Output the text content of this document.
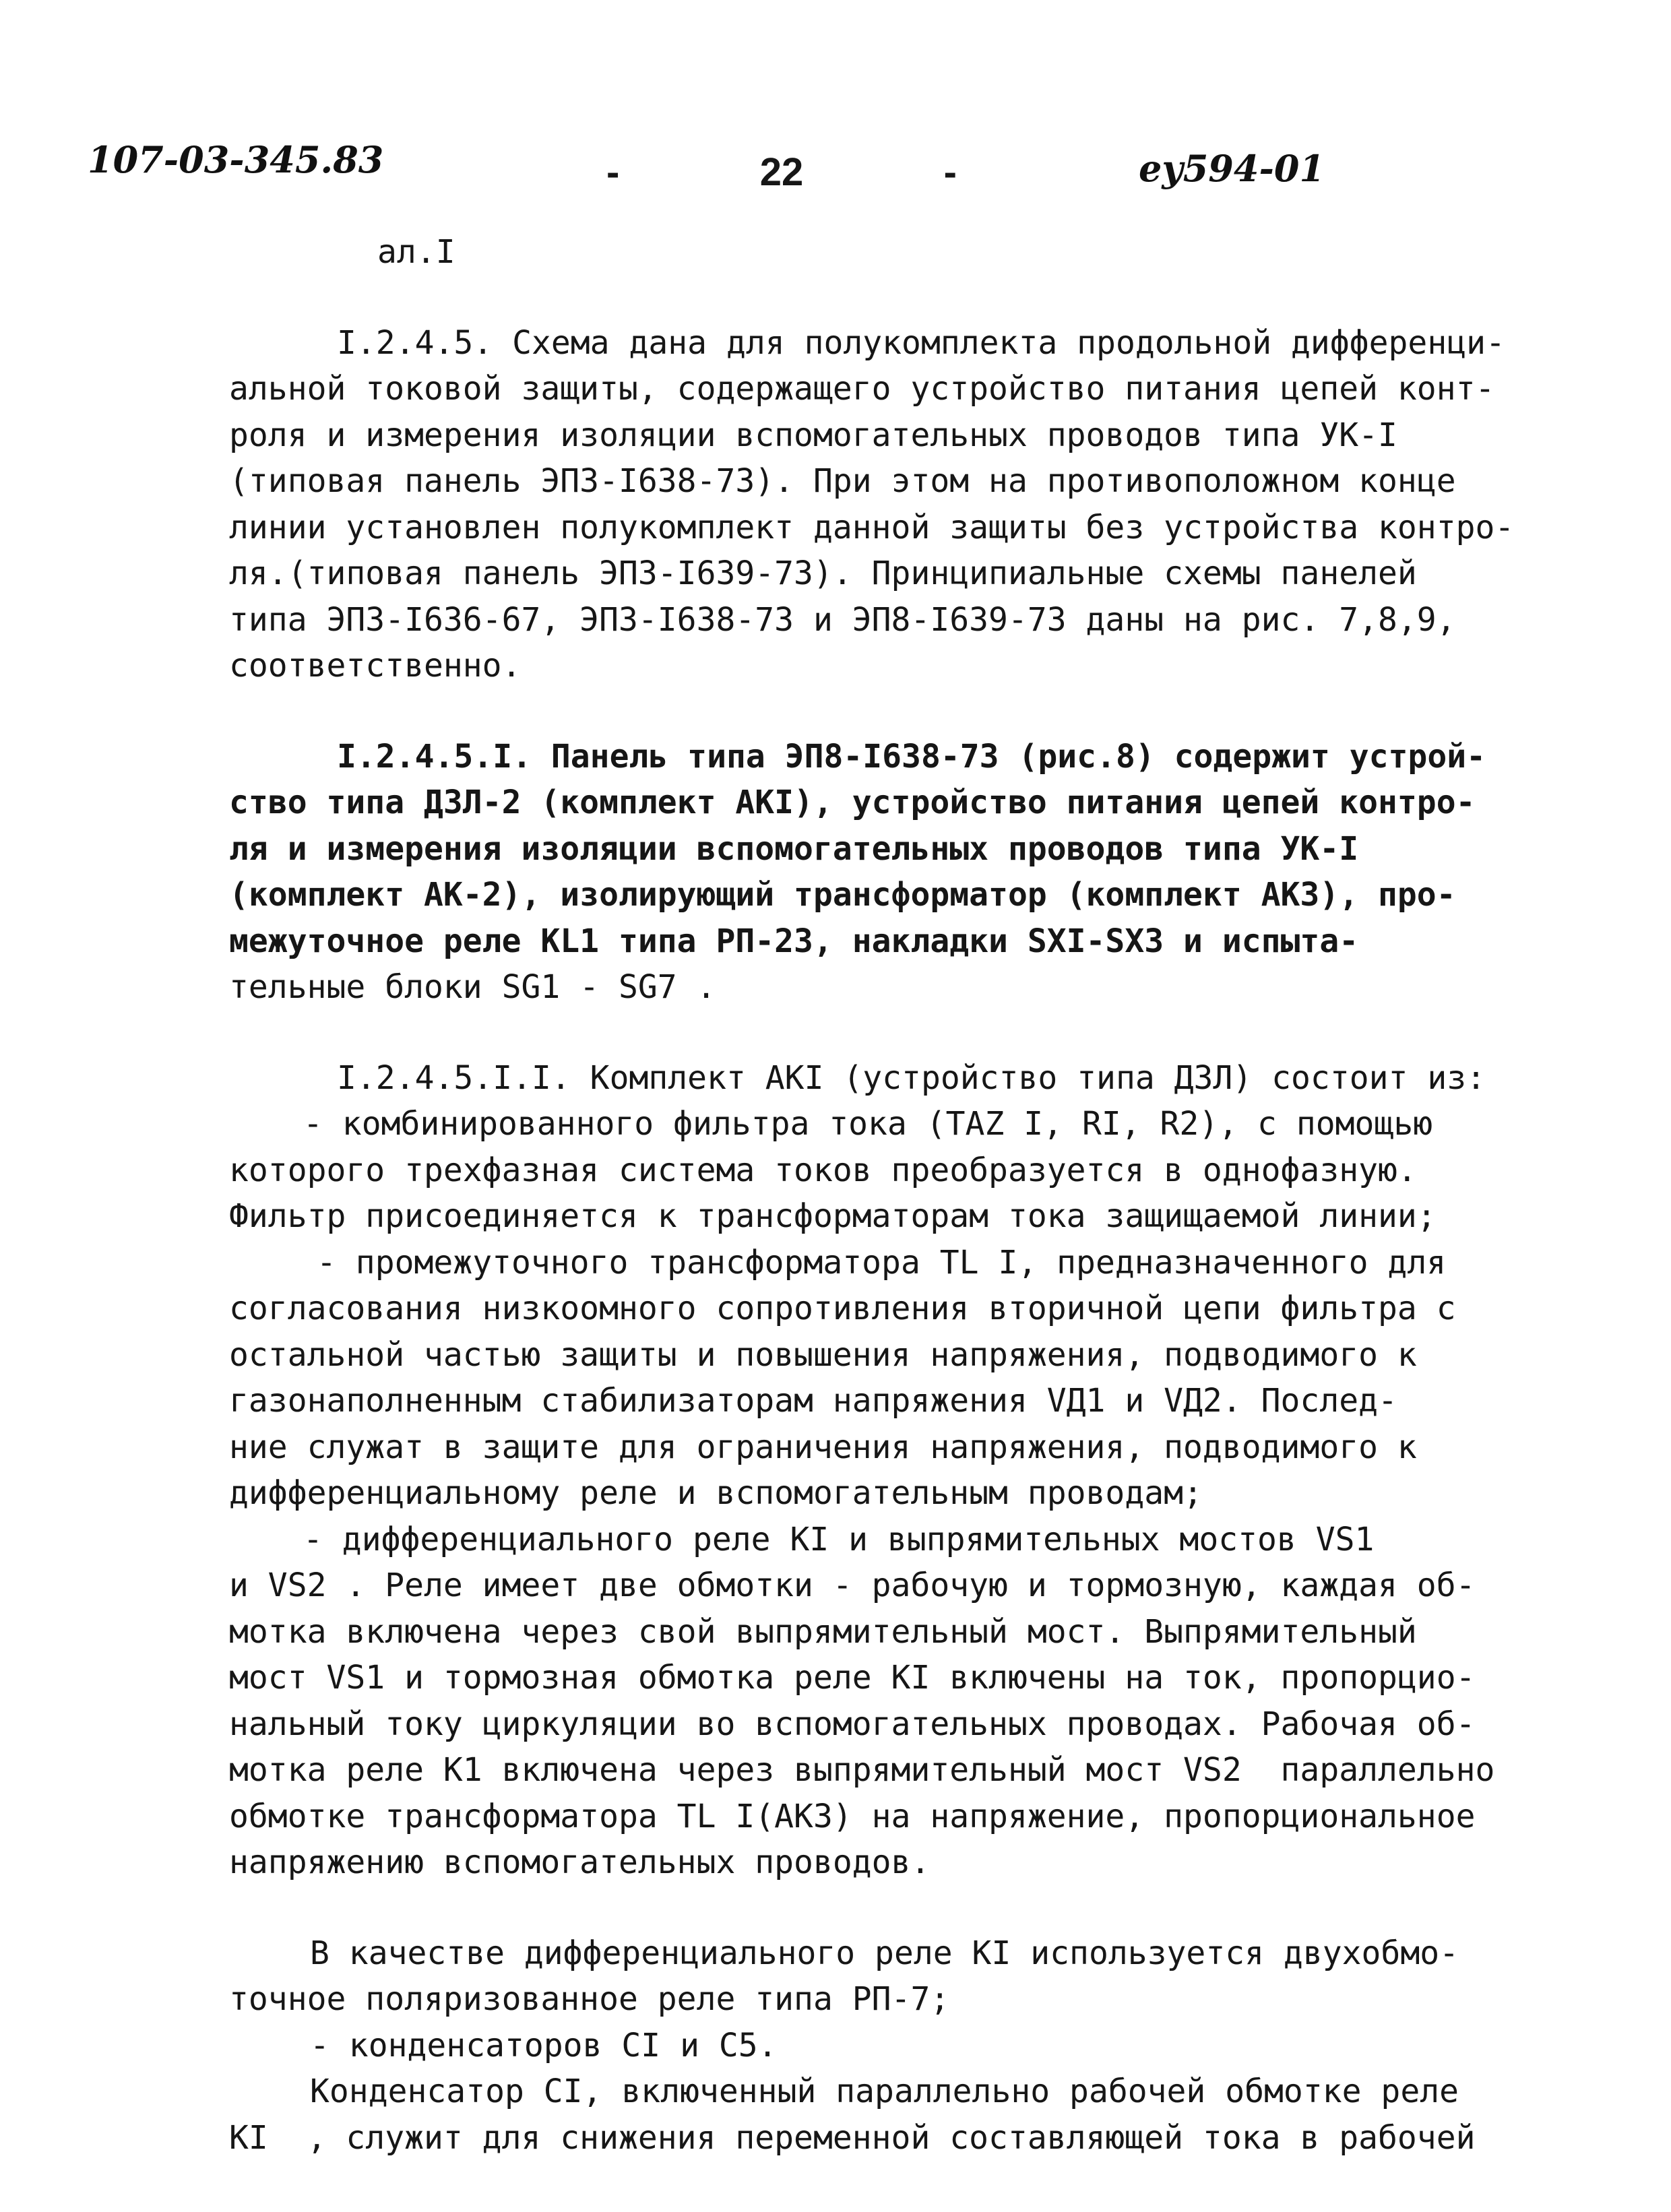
107-03-345.83	-	22	-	ey594-01
ал.I
I.2.4.5. Схема дана для полукомплекта продольной дифференци-
альной токовой защиты, содержащего устройство питания цепей конт-
роля и измерения изоляции вспомогательных проводов типа УК-I
(типовая панель ЭП3-I638-73). При этом на противоположном конце
линии установлен полукомплект данной защиты без устройства контро-
ля.(типовая панель ЭП3-I639-73). Принципиальные схемы панелей
типа ЭП3-I636-67, ЭП3-I638-73 и ЭП8-I639-73 даны на рис. 7,8,9,
соответственно.
I.2.4.5.I. Панель типа ЭП8-I638-73 (рис.8) содержит устрой-
ство типа ДЗЛ-2 (комплект АКI), устройство питания цепей контро-
ля и измерения изоляции вспомогательных проводов типа УК-I
(комплект АК-2), изолирующий трансформатор (комплект АК3), про-
межуточное реле KL1 типа РП-23, накладки SXI-SX3 и испыта-
тельные блоки SG1 - SG7 .
I.2.4.5.I.I. Комплект АКI (устройство типа ДЗЛ) состоит из:
- комбинированного фильтра тока (TAZ I, RI, R2), с помощью
которого трехфазная система токов преобразуется в однофазную.
Фильтр присоединяется к трансформаторам тока защищаемой линии;
- промежуточного трансформатора TL I, предназначенного для
согласования низкоомного сопротивления вторичной цепи фильтра с
остальной частью защиты и повышения напряжения, подводимого к
газонаполненным стабилизаторам напряжения VД1 и VД2. Послед-
ние служат в защите для ограничения напряжения, подводимого к
дифференциальному реле и вспомогательным проводам;
- дифференциального реле КI и выпрямительных мостов VS1
и VS2 . Реле имеет две обмотки - рабочую и тормозную, каждая об-
мотка включена через свой выпрямительный мост. Выпрямительный
мост VS1 и тормозная обмотка реле КI включены на ток, пропорцио-
нальный току циркуляции во вспомогательных проводах. Рабочая об-
мотка реле К1 включена через выпрямительный мост VS2  параллельно
обмотке трансформатора TL I(АК3) на напряжение, пропорциональное
напряжению вспомогательных проводов.
В качестве дифференциального реле КI используется двухобмо-
точное поляризованное реле типа РП-7;
- конденсаторов СI и С5.
Конденсатор СI, включенный параллельно рабочей обмотке реле
КI  , служит для снижения переменной составляющей тока в рабочей
